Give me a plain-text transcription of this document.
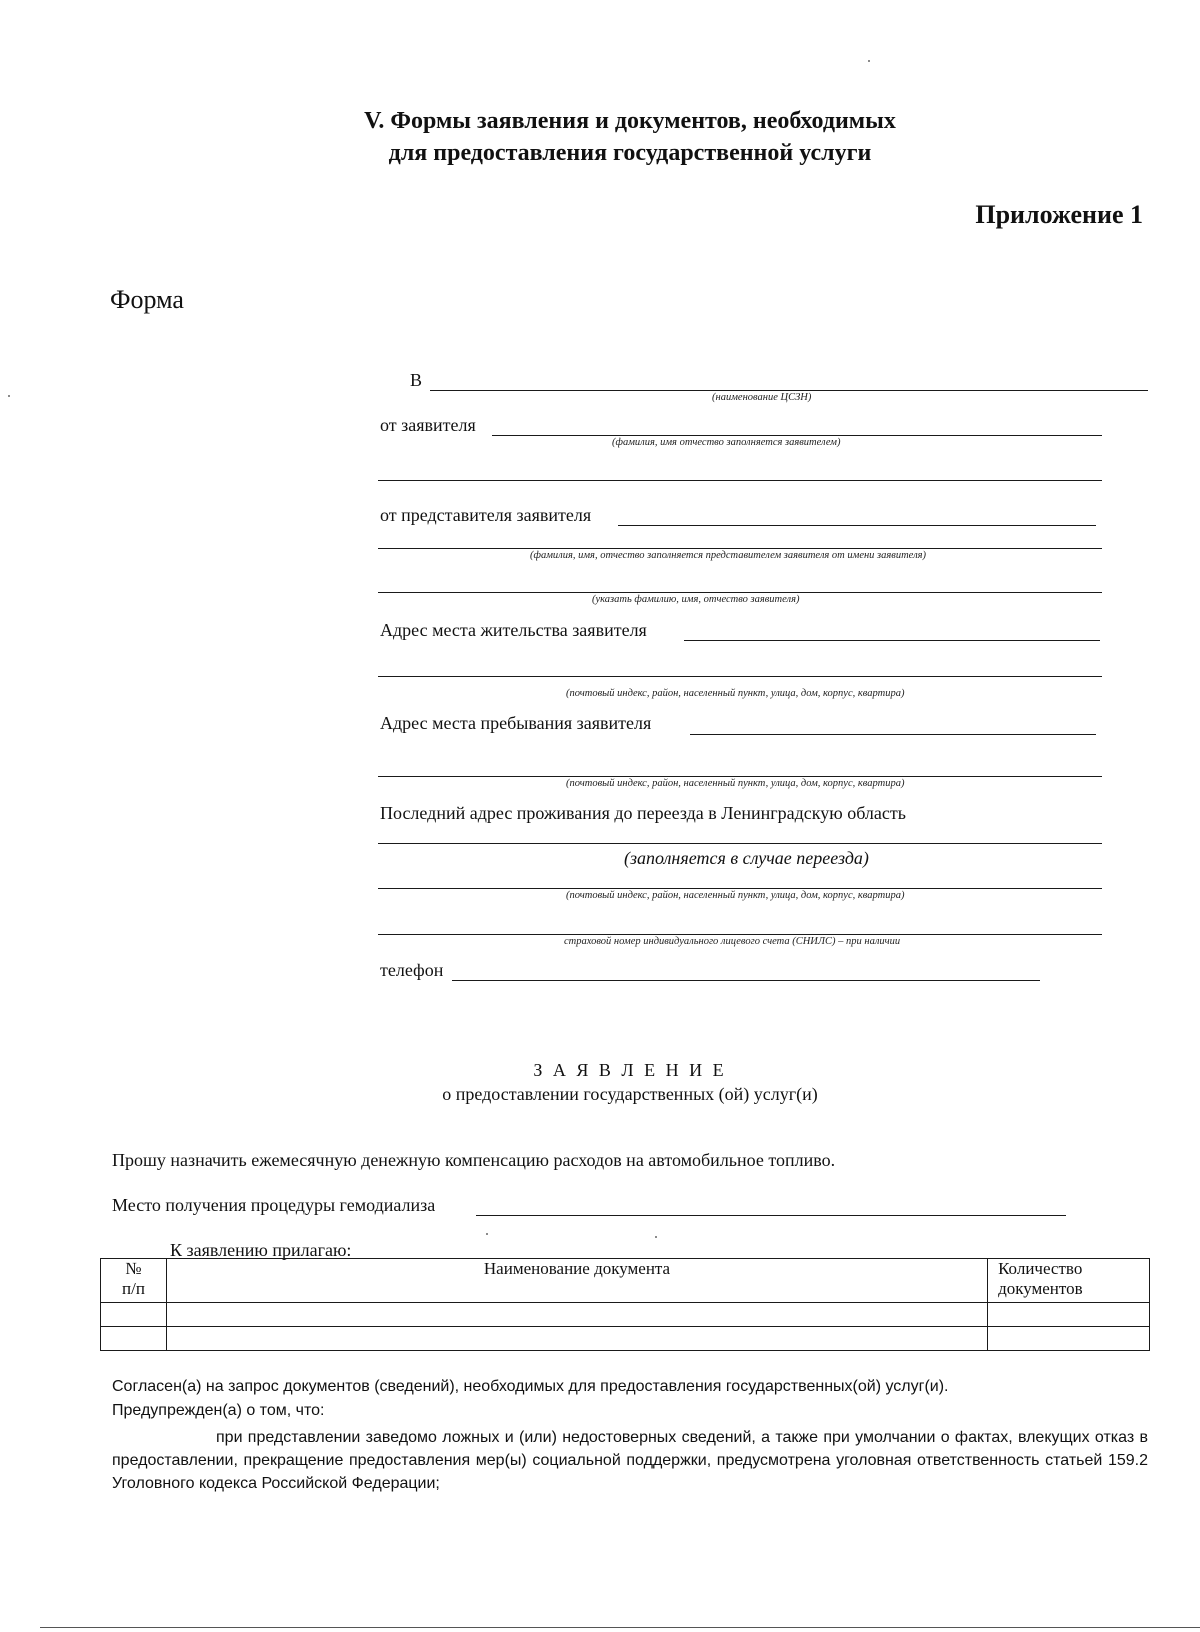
V. Формы заявления и документов, необходимых
для предоставления государственной услуги
Приложение 1
Форма
В
(наименование ЦСЗН)
от заявителя
(фамилия, имя отчество заполняется заявителем)
от представителя заявителя
(фамилия, имя, отчество заполняется представителем заявителя от имени заявителя)
(указать фамилию, имя, отчество заявителя)
Адрес места жительства заявителя
(почтовый индекс, район, населенный пункт, улица, дом, корпус, квартира)
Адрес места пребывания заявителя
(почтовый индекс, район, населенный пункт, улица, дом, корпус, квартира)
Последний адрес проживания до переезда в Ленинградскую область
(заполняется в случае переезда)
(почтовый индекс, район, населенный пункт, улица, дом, корпус, квартира)
страховой номер индивидуального лицевого счета (СНИЛС) – при наличии
телефон
З А Я В Л Е Н И Е
о предоставлении государственных (ой) услуг(и)
Прошу назначить ежемесячную денежную компенсацию расходов на автомобильное топливо.
Место получения процедуры гемодиализа
К заявлению прилагаю:
№
п/п	Наименование документа	Количество
документов

Согласен(а) на запрос документов (сведений), необходимых для предоставления государственных(ой) услуг(и).
Предупрежден(а) о том, что:
при представлении заведомо ложных и (или) недостоверных сведений, а также при умолчании о фактах, влекущих отказ в предоставлении, прекращение предоставления мер(ы) социальной поддержки, предусмотрена уголовная ответственность статьей 159.2 Уголовного кодекса Российской Федерации;
